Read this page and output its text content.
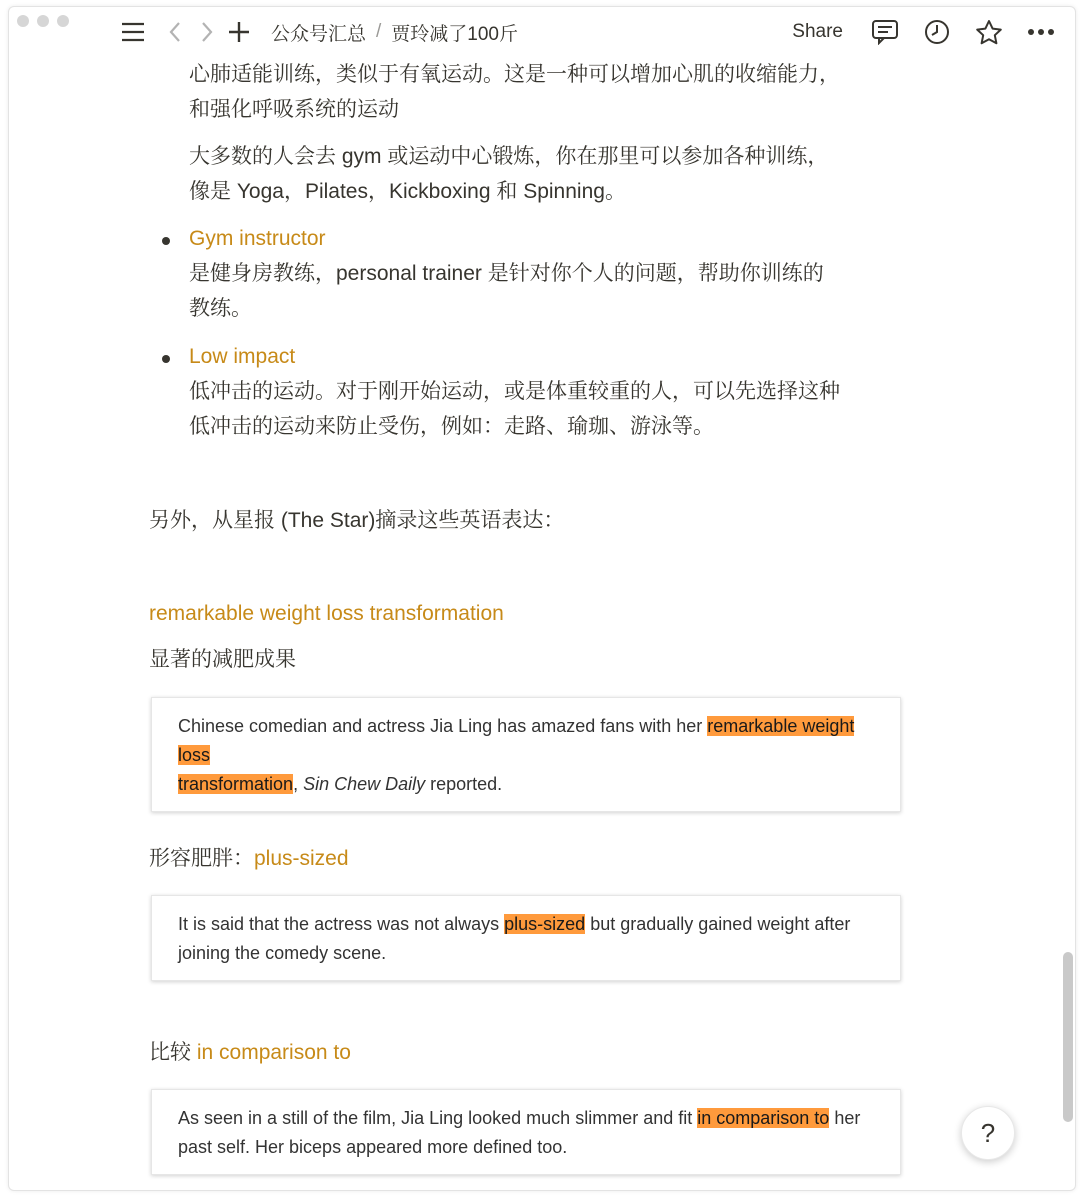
公众号汇总 / 贾玲减了100斤	Share
心肺适能训练，类似于有氧运动。这是一种可以增加心肌的收缩能力，
和强化呼吸系统的运动
大多数的人会去 gym 或运动中心锻炼，你在那里可以参加各种训练，
像是 Yoga，Pilates，Kickboxing 和 Spinning。
Gym instructor
是健身房教练，personal trainer 是针对你个人的问题，帮助你训练的
教练。
Low impact
低冲击的运动。对于刚开始运动，或是体重较重的人，可以先选择这种
低冲击的运动来防止受伤，例如：走路、瑜珈、游泳等。
另外，从星报 (The Star)摘录这些英语表达：
remarkable weight loss transformation
显著的减肥成果
Chinese comedian and actress Jia Ling has amazed fans with her remarkable weight loss
transformation, Sin Chew Daily reported.
形容肥胖：plus-sized
It is said that the actress was not always plus-sized but gradually gained weight after
joining the comedy scene.
比较 in comparison to
As seen in a still of the film, Jia Ling looked much slimmer and fit in comparison to her
past self. Her biceps appeared more defined too.	?
